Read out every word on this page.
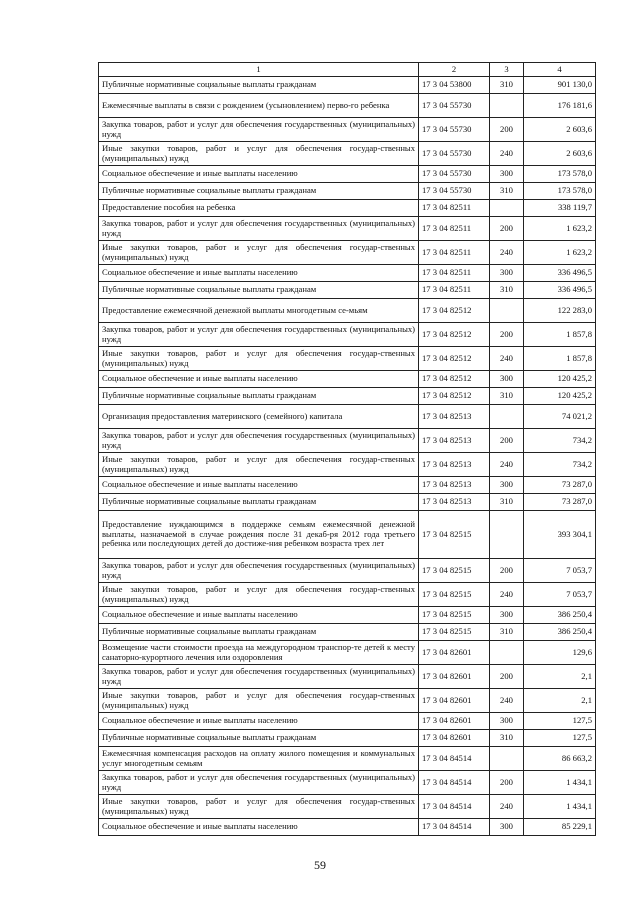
1	2	3	4
Публичные нормативные социальные выплаты гражданам	17 3 04 53800	310	901 130,0
Ежемесячные выплаты в связи с рождением (усыновлением) перво-го ребенка	17 3 04 55730		176 181,6
Закупка товаров, работ и услуг для обеспечения государственных (муниципальных) нужд	17 3 04 55730	200	2 603,6
Иные закупки товаров, работ и услуг для обеспечения государ-ственных (муниципальных) нужд	17 3 04 55730	240	2 603,6
Социальное обеспечение и иные выплаты населению	17 3 04 55730	300	173 578,0
Публичные нормативные социальные выплаты гражданам	17 3 04 55730	310	173 578,0
Предоставление пособия на ребенка	17 3 04 82511		338 119,7
Закупка товаров, работ и услуг для обеспечения государственных (муниципальных) нужд	17 3 04 82511	200	1 623,2
Иные закупки товаров, работ и услуг для обеспечения государ-ственных (муниципальных) нужд	17 3 04 82511	240	1 623,2
Социальное обеспечение и иные выплаты населению	17 3 04 82511	300	336 496,5
Публичные нормативные социальные выплаты гражданам	17 3 04 82511	310	336 496,5
Предоставление ежемесячной денежной выплаты многодетным се-мьям	17 3 04 82512		122 283,0
Закупка товаров, работ и услуг для обеспечения государственных (муниципальных) нужд	17 3 04 82512	200	1 857,8
Иные закупки товаров, работ и услуг для обеспечения государ-ственных (муниципальных) нужд	17 3 04 82512	240	1 857,8
Социальное обеспечение и иные выплаты населению	17 3 04 82512	300	120 425,2
Публичные нормативные социальные выплаты гражданам	17 3 04 82512	310	120 425,2
Организация предоставления материнского (семейного) капитала	17 3 04 82513		74 021,2
Закупка товаров, работ и услуг для обеспечения государственных (муниципальных) нужд	17 3 04 82513	200	734,2
Иные закупки товаров, работ и услуг для обеспечения государ-ственных (муниципальных) нужд	17 3 04 82513	240	734,2
Социальное обеспечение и иные выплаты населению	17 3 04 82513	300	73 287,0
Публичные нормативные социальные выплаты гражданам	17 3 04 82513	310	73 287,0
Предоставление нуждающимся в поддержке семьям ежемесячной денежной выплаты, назначаемой в случае рождения после 31 декаб-ря 2012 года третьего ребенка или последующих детей до достиже-ния ребенком возраста трех лет	17 3 04 82515		393 304,1
Закупка товаров, работ и услуг для обеспечения государственных (муниципальных) нужд	17 3 04 82515	200	7 053,7
Иные закупки товаров, работ и услуг для обеспечения государ-ственных (муниципальных) нужд	17 3 04 82515	240	7 053,7
Социальное обеспечение и иные выплаты населению	17 3 04 82515	300	386 250,4
Публичные нормативные социальные выплаты гражданам	17 3 04 82515	310	386 250,4
Возмещение части стоимости проезда на междугородном транспор-те детей к месту санаторно-курортного лечения или оздоровления	17 3 04 82601		129,6
Закупка товаров, работ и услуг для обеспечения государственных (муниципальных) нужд	17 3 04 82601	200	2,1
Иные закупки товаров, работ и услуг для обеспечения государ-ственных (муниципальных) нужд	17 3 04 82601	240	2,1
Социальное обеспечение и иные выплаты населению	17 3 04 82601	300	127,5
Публичные нормативные социальные выплаты гражданам	17 3 04 82601	310	127,5
Ежемесячная компенсация расходов на оплату жилого помещения и коммунальных услуг многодетным семьям	17 3 04 84514		86 663,2
Закупка товаров, работ и услуг для обеспечения государственных (муниципальных) нужд	17 3 04 84514	200	1 434,1
Иные закупки товаров, работ и услуг для обеспечения государ-ственных (муниципальных) нужд	17 3 04 84514	240	1 434,1
Социальное обеспечение и иные выплаты населению	17 3 04 84514	300	85 229,1
59
